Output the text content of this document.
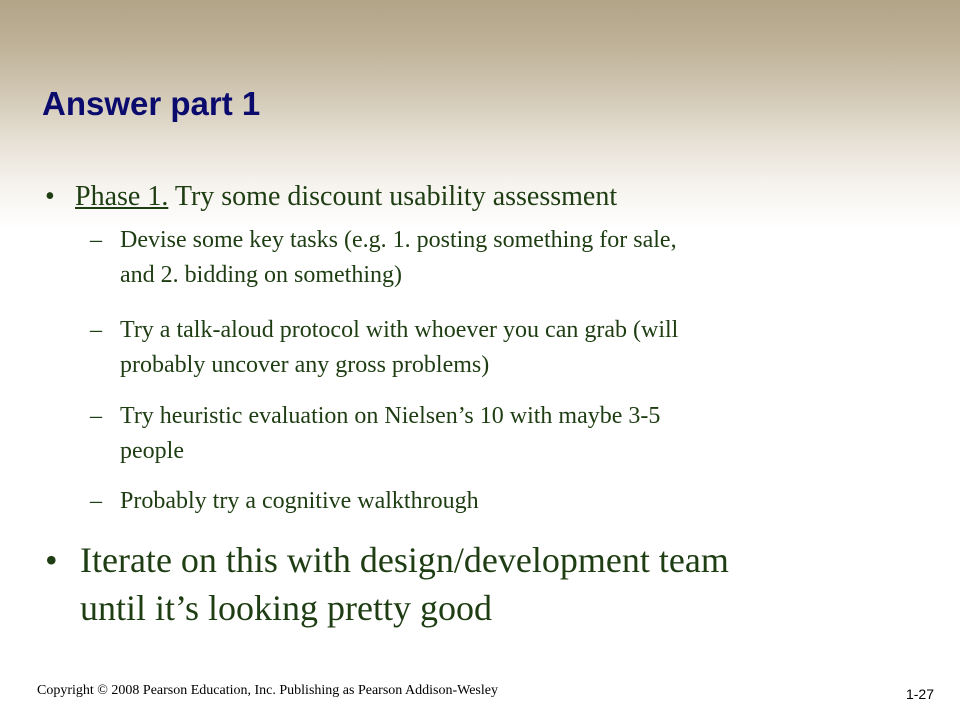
Answer part 1
• Phase 1. Try some discount usability assessment
– Devise some key tasks (e.g. 1. posting something for sale,
and 2. bidding on something)
– Try a talk-aloud protocol with whoever you can grab (will
probably uncover any gross problems)
– Try heuristic evaluation on Nielsen’s 10 with maybe 3-5
people
– Probably try a cognitive walkthrough
• Iterate on this with design/development team
until it’s looking pretty good
Copyright © 2008 Pearson Education, Inc. Publishing as Pearson Addison-Wesley	1-27
